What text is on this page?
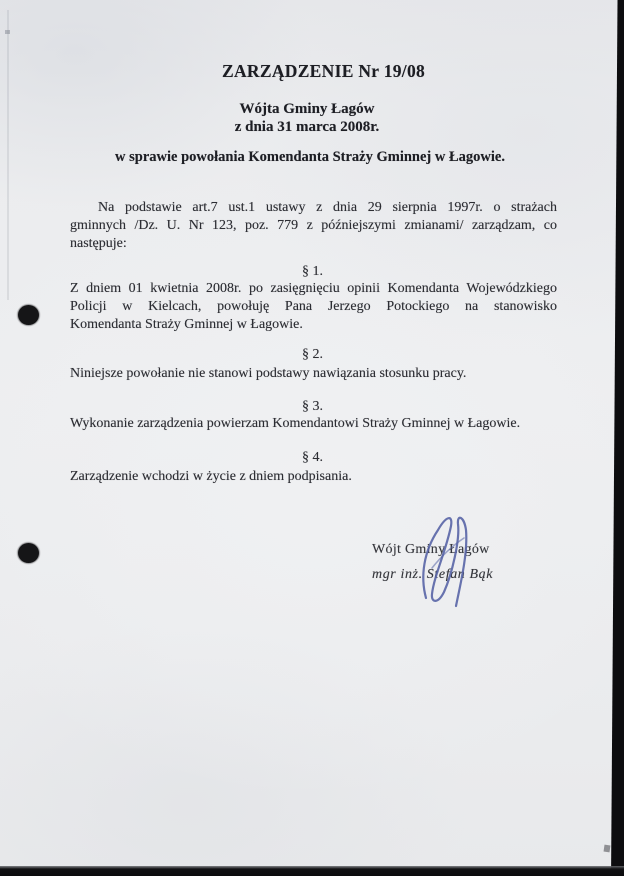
ZARZĄDZENIE Nr 19/08
Wójta Gminy Łagów
z dnia 31 marca 2008r.
w sprawie powołania Komendanta Straży Gminnej w Łagowie.
Na podstawie art.7 ust.1 ustawy z dnia 29 sierpnia 1997r. o strażach
gminnych /Dz. U. Nr 123, poz. 779 z późniejszymi zmianami/ zarządzam, co
następuje:
§ 1.
Z dniem 01 kwietnia 2008r. po zasięgnięciu opinii Komendanta Wojewódzkiego
Policji w Kielcach, powołuję Pana Jerzego Potockiego na stanowisko
Komendanta Straży Gminnej w Łagowie.
§ 2.
Niniejsze powołanie nie stanowi podstawy nawiązania stosunku pracy.
§ 3.
Wykonanie zarządzenia powierzam Komendantowi Straży Gminnej w Łagowie.
§ 4.
Zarządzenie wchodzi w życie z dniem podpisania.
Wójt Gminy Łagów
mgr inż. Stefan Bąk
